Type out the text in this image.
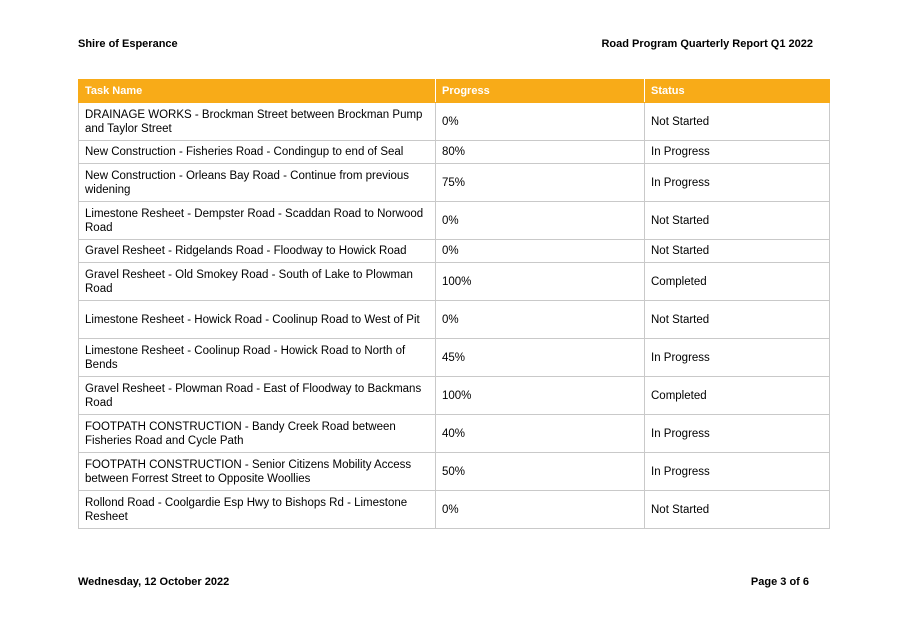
Shire of Esperance	Road Program Quarterly Report Q1 2022
Task Name	Progress	Status
DRAINAGE WORKS - Brockman Street between Brockman Pump and Taylor Street	0%	Not Started
New Construction - Fisheries Road - Condingup to end of Seal	80%	In Progress
New Construction - Orleans Bay Road - Continue from previous widening	75%	In Progress
Limestone Resheet - Dempster Road - Scaddan Road to Norwood Road	0%	Not Started
Gravel Resheet - Ridgelands Road - Floodway to Howick Road	0%	Not Started
Gravel Resheet - Old Smokey Road - South of Lake to Plowman Road	100%	Completed
Limestone Resheet - Howick Road - Coolinup Road to West of Pit	0%	Not Started
Limestone Resheet - Coolinup Road - Howick Road to North of Bends	45%	In Progress
Gravel Resheet - Plowman Road - East of Floodway to Backmans Road	100%	Completed
FOOTPATH CONSTRUCTION - Bandy Creek Road between Fisheries Road and Cycle Path	40%	In Progress
FOOTPATH CONSTRUCTION - Senior Citizens Mobility Access between Forrest Street to Opposite Woollies	50%	In Progress
Rollond Road - Coolgardie Esp Hwy to Bishops Rd - Limestone Resheet	0%	Not Started
Wednesday, 12 October 2022	Page 3 of 6
